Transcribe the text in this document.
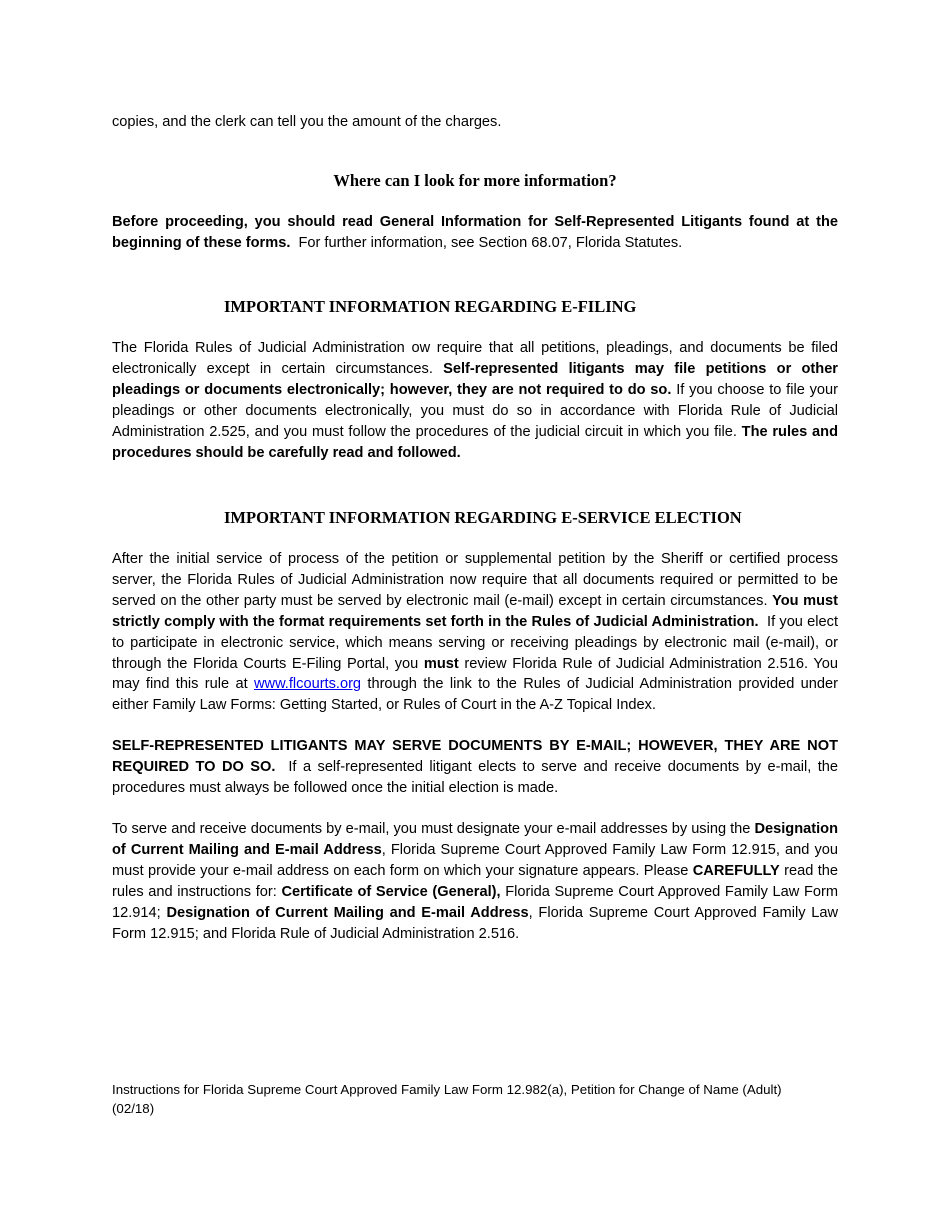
copies, and the clerk can tell you the amount of the charges.

Where can I look for more information?

Before proceeding, you should read General Information for Self-Represented Litigants found at the beginning of these forms. For further information, see Section 68.07, Florida Statutes.

IMPORTANT INFORMATION REGARDING E-FILING

The Florida Rules of Judicial Administration ow require that all petitions, pleadings, and documents be filed electronically except in certain circumstances. Self-represented litigants may file petitions or other pleadings or documents electronically; however, they are not required to do so. If you choose to file your pleadings or other documents electronically, you must do so in accordance with Florida Rule of Judicial Administration 2.525, and you must follow the procedures of the judicial circuit in which you file. The rules and procedures should be carefully read and followed.

IMPORTANT INFORMATION REGARDING E-SERVICE ELECTION

After the initial service of process of the petition or supplemental petition by the Sheriff or certified process server, the Florida Rules of Judicial Administration now require that all documents required or permitted to be served on the other party must be served by electronic mail (e-mail) except in certain circumstances. You must strictly comply with the format requirements set forth in the Rules of Judicial Administration. If you elect to participate in electronic service, which means serving or receiving pleadings by electronic mail (e-mail), or through the Florida Courts E-Filing Portal, you must review Florida Rule of Judicial Administration 2.516. You may find this rule at www.flcourts.org through the link to the Rules of Judicial Administration provided under either Family Law Forms: Getting Started, or Rules of Court in the A-Z Topical Index.

SELF-REPRESENTED LITIGANTS MAY SERVE DOCUMENTS BY E-MAIL; HOWEVER, THEY ARE NOT REQUIRED TO DO SO. If a self-represented litigant elects to serve and receive documents by e-mail, the procedures must always be followed once the initial election is made.

To serve and receive documents by e-mail, you must designate your e-mail addresses by using the Designation of Current Mailing and E-mail Address, Florida Supreme Court Approved Family Law Form 12.915, and you must provide your e-mail address on each form on which your signature appears. Please CAREFULLY read the rules and instructions for: Certificate of Service (General), Florida Supreme Court Approved Family Law Form 12.914; Designation of Current Mailing and E-mail Address, Florida Supreme Court Approved Family Law Form 12.915; and Florida Rule of Judicial Administration 2.516.

Instructions for Florida Supreme Court Approved Family Law Form 12.982(a), Petition for Change of Name (Adult)
(02/18)
